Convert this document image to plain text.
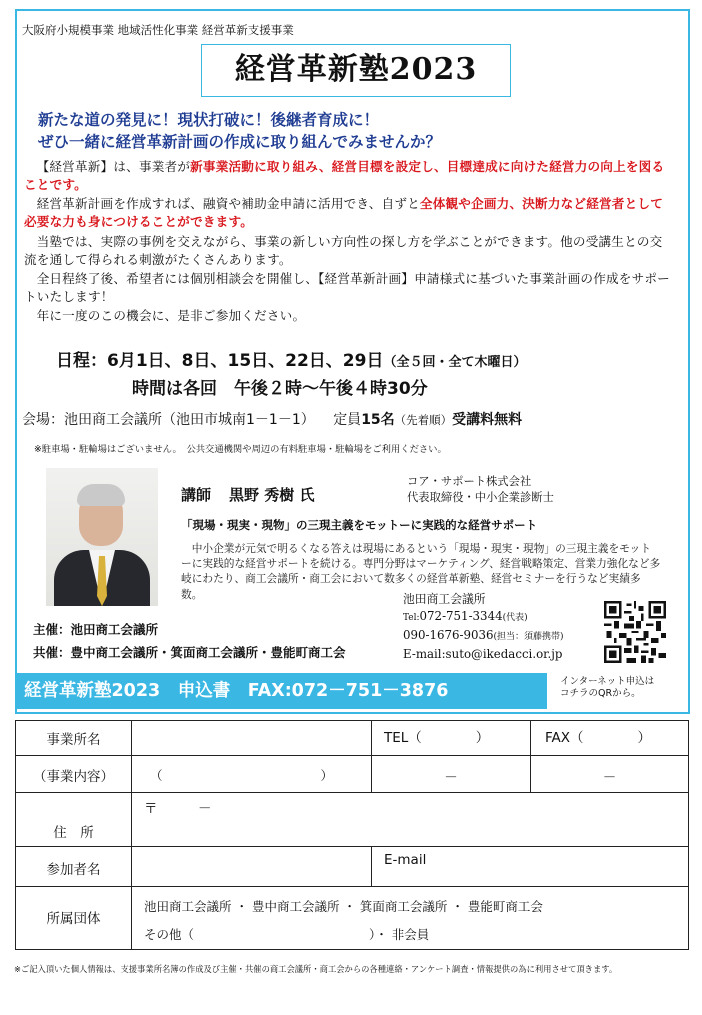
大阪府小規模事業 地域活性化事業 経営革新支援事業
経営革新塾2023
新たな道の発見に！現状打破に！後継者育成に！
ぜひ一緒に経営革新計画の作成に取り組んでみませんか？
【経営革新】は、事業者が新事業活動に取り組み、経営目標を設定し、目標達成に向けた経営力の向上を図ることです。
経営革新計画を作成すれば、融資や補助金申請に活用でき、自ずと全体観や企画力、決断力など経営者として必要な力も身につけることができます。
当塾では、実際の事例を交えながら、事業の新しい方向性の探し方を学ぶことができます。他の受講生との交流を通して得られる刺激がたくさんあります。
全日程終了後、希望者には個別相談会を開催し、【経営革新計画】申請様式に基づいた事業計画の作成をサポートいたします！
年に一度のこの機会に、是非ご参加ください。
日程：6月1日、8日、15日、22日、29日（全５回・全て木曜日）
時間は各回　午後２時～午後４時30分
会場：池田商工会議所（池田市城南1－1－1） 定員15名（先着順）受講料無料
※駐車場・駐輪場はございません。　公共交通機関や周辺の有料駐車場・駐輪場をご利用ください。
講師 黒野 秀樹 氏
コア・サポート株式会社
代表取締役・中小企業診断士
「現場・現実・現物」の三現主義をモットーに実践的な経営サポート
中小企業が元気で明るくなる答えは現場にあるという「現場・現実・現物」の三現主義をモットーに実践的な経営サポートを続ける。専門分野はマーケティング、経営戦略策定、営業力強化など多岐にわたり、商工会議所・商工会において数多くの経営革新塾、経営セミナーを行うなど実績多数。	池田商工会議所
Tel:072-751-3344(代表)
090-1676-9036(担当：須藤携帯)
E-mail:suto@ikedacci.or.jp
主催：池田商工会議所
共催：豊中商工会議所・箕面商工会議所・豊能町商工会
経営革新塾2023　申込書　FAX:072－751－3876	インターネット申込は
コチラのQRから。
事業所名		TEL（　　　　）	FAX（　　　　）
（事業内容）	（ ）	－	－
住　所	〒　　　－		
参加者名		E-mail	
所属団体	池田商工会議所 ・ 豊中商工会議所 ・ 箕面商工会議所 ・ 豊能町商工会
その他（　　　　　　　　　　　　　　）・ 非会員		
※ご記入頂いた個人情報は、支援事業所名簿の作成及び主催・共催の商工会議所・商工会からの各種連絡・アンケート調査・情報提供の為に利用させて頂きます。
